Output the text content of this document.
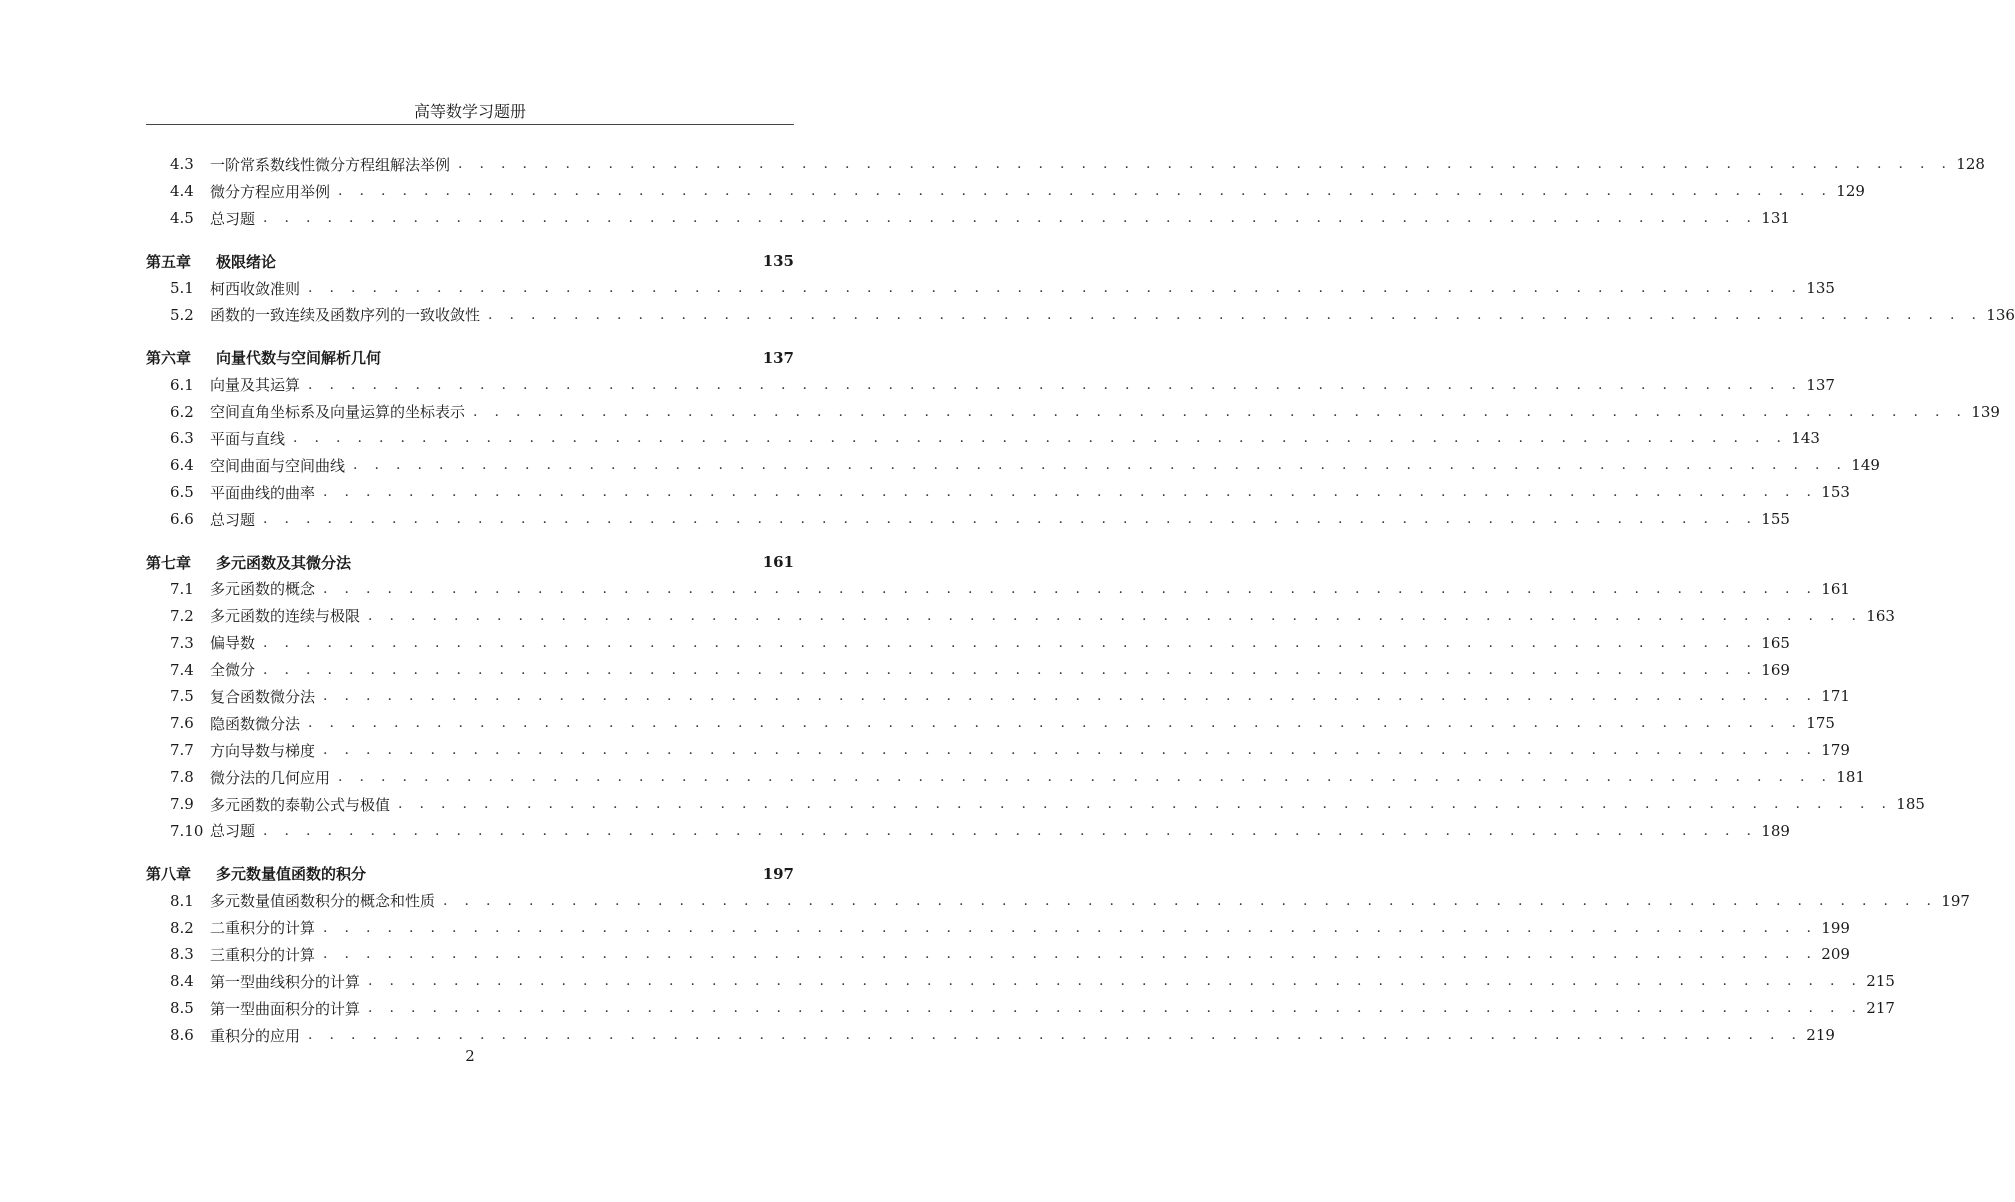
高等数学习题册
4.3	一阶常系数线性微分方程组解法举例 . . . . . . . . . . . . . . . . . . . . . . . . . . . . . . . . . . . . . . . . . . . . . . . . . . . . . . . . . . . . . . . . . . . . . . 128
4.4	微分方程应用举例 . . . . . . . . . . . . . . . . . . . . . . . . . . . . . . . . . . . . . . . . . . . . . . . . . . . . . . . . . . . . . . . . . . . . . . 129
4.5	总习题 . . . . . . . . . . . . . . . . . . . . . . . . . . . . . . . . . . . . . . . . . . . . . . . . . . . . . . . . . . . . . . . . . . . . . . 131
第五章	极限绪论	135
5.1	柯西收敛准则 . . . . . . . . . . . . . . . . . . . . . . . . . . . . . . . . . . . . . . . . . . . . . . . . . . . . . . . . . . . . . . . . . . . . . . 135
5.2	函数的一致连续及函数序列的一致收敛性 . . . . . . . . . . . . . . . . . . . . . . . . . . . . . . . . . . . . . . . . . . . . . . . . . . . . . . . . . . . . . . . . . . . . . . 136
第六章	向量代数与空间解析几何	137
6.1	向量及其运算 . . . . . . . . . . . . . . . . . . . . . . . . . . . . . . . . . . . . . . . . . . . . . . . . . . . . . . . . . . . . . . . . . . . . . . 137
6.2	空间直角坐标系及向量运算的坐标表示 . . . . . . . . . . . . . . . . . . . . . . . . . . . . . . . . . . . . . . . . . . . . . . . . . . . . . . . . . . . . . . . . . . . . . . 139
6.3	平面与直线 . . . . . . . . . . . . . . . . . . . . . . . . . . . . . . . . . . . . . . . . . . . . . . . . . . . . . . . . . . . . . . . . . . . . . . 143
6.4	空间曲面与空间曲线 . . . . . . . . . . . . . . . . . . . . . . . . . . . . . . . . . . . . . . . . . . . . . . . . . . . . . . . . . . . . . . . . . . . . . . 149
6.5	平面曲线的曲率 . . . . . . . . . . . . . . . . . . . . . . . . . . . . . . . . . . . . . . . . . . . . . . . . . . . . . . . . . . . . . . . . . . . . . . 153
6.6	总习题 . . . . . . . . . . . . . . . . . . . . . . . . . . . . . . . . . . . . . . . . . . . . . . . . . . . . . . . . . . . . . . . . . . . . . . 155
第七章	多元函数及其微分法	161
7.1	多元函数的概念 . . . . . . . . . . . . . . . . . . . . . . . . . . . . . . . . . . . . . . . . . . . . . . . . . . . . . . . . . . . . . . . . . . . . . . 161
7.2	多元函数的连续与极限 . . . . . . . . . . . . . . . . . . . . . . . . . . . . . . . . . . . . . . . . . . . . . . . . . . . . . . . . . . . . . . . . . . . . . . 163
7.3	偏导数 . . . . . . . . . . . . . . . . . . . . . . . . . . . . . . . . . . . . . . . . . . . . . . . . . . . . . . . . . . . . . . . . . . . . . . 165
7.4	全微分 . . . . . . . . . . . . . . . . . . . . . . . . . . . . . . . . . . . . . . . . . . . . . . . . . . . . . . . . . . . . . . . . . . . . . . 169
7.5	复合函数微分法 . . . . . . . . . . . . . . . . . . . . . . . . . . . . . . . . . . . . . . . . . . . . . . . . . . . . . . . . . . . . . . . . . . . . . . 171
7.6	隐函数微分法 . . . . . . . . . . . . . . . . . . . . . . . . . . . . . . . . . . . . . . . . . . . . . . . . . . . . . . . . . . . . . . . . . . . . . . 175
7.7	方向导数与梯度 . . . . . . . . . . . . . . . . . . . . . . . . . . . . . . . . . . . . . . . . . . . . . . . . . . . . . . . . . . . . . . . . . . . . . . 179
7.8	微分法的几何应用 . . . . . . . . . . . . . . . . . . . . . . . . . . . . . . . . . . . . . . . . . . . . . . . . . . . . . . . . . . . . . . . . . . . . . . 181
7.9	多元函数的泰勒公式与极值 . . . . . . . . . . . . . . . . . . . . . . . . . . . . . . . . . . . . . . . . . . . . . . . . . . . . . . . . . . . . . . . . . . . . . . 185
7.10 总习题 . . . . . . . . . . . . . . . . . . . . . . . . . . . . . . . . . . . . . . . . . . . . . . . . . . . . . . . . . . . . . . . . . . . . . . 189
第八章	多元数量值函数的积分	197
8.1	多元数量值函数积分的概念和性质 . . . . . . . . . . . . . . . . . . . . . . . . . . . . . . . . . . . . . . . . . . . . . . . . . . . . . . . . . . . . . . . . . . . . . . 197
8.2	二重积分的计算 . . . . . . . . . . . . . . . . . . . . . . . . . . . . . . . . . . . . . . . . . . . . . . . . . . . . . . . . . . . . . . . . . . . . . . 199
8.3	三重积分的计算 . . . . . . . . . . . . . . . . . . . . . . . . . . . . . . . . . . . . . . . . . . . . . . . . . . . . . . . . . . . . . . . . . . . . . . 209
8.4	第一型曲线积分的计算 . . . . . . . . . . . . . . . . . . . . . . . . . . . . . . . . . . . . . . . . . . . . . . . . . . . . . . . . . . . . . . . . . . . . . . 215
8.5	第一型曲面积分的计算 . . . . . . . . . . . . . . . . . . . . . . . . . . . . . . . . . . . . . . . . . . . . . . . . . . . . . . . . . . . . . . . . . . . . . . 217
8.6	重积分的应用 . . . . . . . . . . . . . . . . . . . . . . . . . . . . . . . . . . . . . . . . . . . . . . . . . . . . . . . . . . . . . . . . . . . . . . 219
2
